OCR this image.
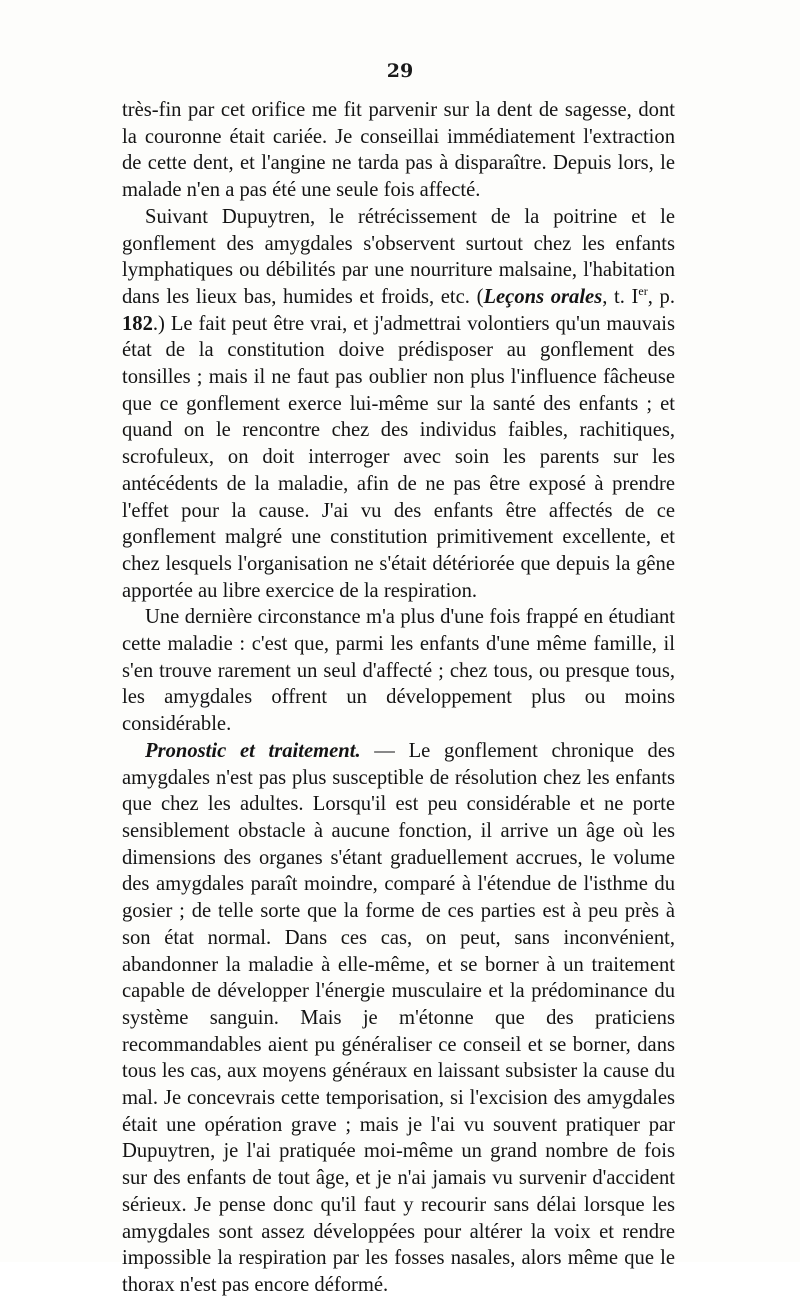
29

très-fin par cet orifice me fit parvenir sur la dent de sagesse, dont la couronne était cariée. Je conseillai immédiatement l'extraction de cette dent, et l'angine ne tarda pas à disparaître. Depuis lors, le malade n'en a pas été une seule fois affecté.

Suivant Dupuytren, le rétrécissement de la poitrine et le gonflement des amygdales s'observent surtout chez les enfants lymphatiques ou débilités par une nourriture malsaine, l'habitation dans les lieux bas, humides et froids, etc. (Leçons orales, t. Ier, p. 182.) Le fait peut être vrai, et j'admettrai volontiers qu'un mauvais état de la constitution doive prédisposer au gonflement des tonsilles ; mais il ne faut pas oublier non plus l'influence fâcheuse que ce gonflement exerce lui-même sur la santé des enfants ; et quand on le rencontre chez des individus faibles, rachitiques, scrofuleux, on doit interroger avec soin les parents sur les antécédents de la maladie, afin de ne pas être exposé à prendre l'effet pour la cause. J'ai vu des enfants être affectés de ce gonflement malgré une constitution primitivement excellente, et chez lesquels l'organisation ne s'était détériorée que depuis la gêne apportée au libre exercice de la respiration.

Une dernière circonstance m'a plus d'une fois frappé en étudiant cette maladie : c'est que, parmi les enfants d'une même famille, il s'en trouve rarement un seul d'affecté ; chez tous, ou presque tous, les amygdales offrent un développement plus ou moins considérable.

Pronostic et traitement. — Le gonflement chronique des amygdales n'est pas plus susceptible de résolution chez les enfants que chez les adultes. Lorsqu'il est peu considérable et ne porte sensiblement obstacle à aucune fonction, il arrive un âge où les dimensions des organes s'étant graduellement accrues, le volume des amygdales paraît moindre, comparé à l'étendue de l'isthme du gosier ; de telle sorte que la forme de ces parties est à peu près à son état normal. Dans ces cas, on peut, sans inconvénient, abandonner la maladie à elle-même, et se borner à un traitement capable de développer l'énergie musculaire et la prédominance du système sanguin. Mais je m'étonne que des praticiens recommandables aient pu généraliser ce conseil et se borner, dans tous les cas, aux moyens généraux en laissant subsister la cause du mal. Je concevrais cette temporisation, si l'excision des amygdales était une opération grave ; mais je l'ai vu souvent pratiquer par Dupuytren, je l'ai pratiquée moi-même un grand nombre de fois sur des enfants de tout âge, et je n'ai jamais vu survenir d'accident sérieux. Je pense donc qu'il faut y recourir sans délai lorsque les amygdales sont assez développées pour altérer la voix et rendre impossible la respiration par les fosses nasales, alors même que le thorax n'est pas encore déformé.
